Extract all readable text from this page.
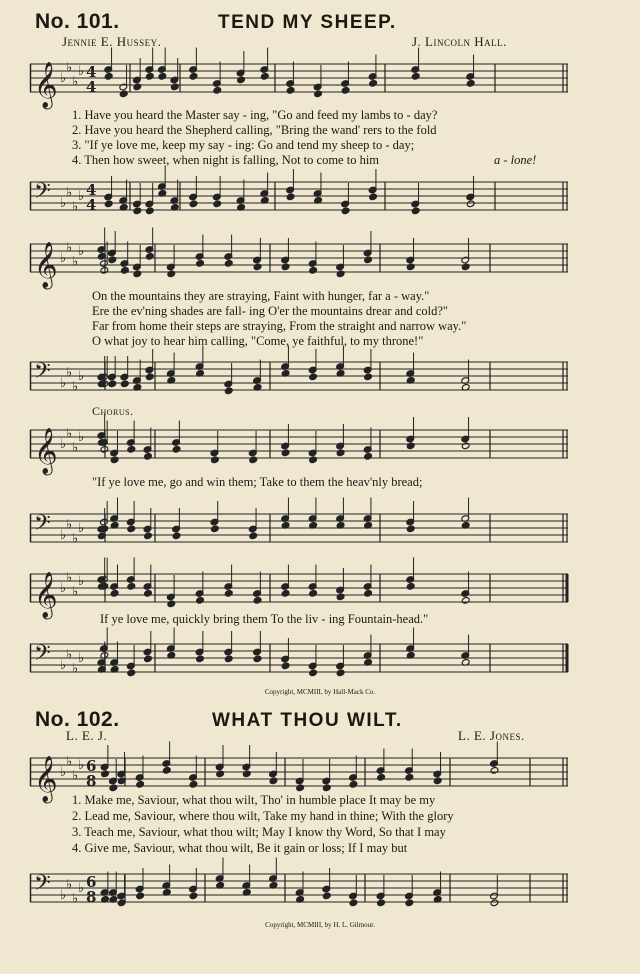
No. 101.	TEND MY SHEEP.
Jennie E. Hussey.	J. Lincoln Hall.
𝄞 ♭
♭
♭
♭ 4
4
1. Have you heard the Master say - ing, "Go and feed my lambs to - day?
2. Have you heard the Shepherd calling, "Bring the wand' rers to the fold
3. "If ye love me, keep my say - ing: Go and tend my sheep to - day;
4. Then how sweet, when night is falling, Not to come to him	a - lone!
𝄢 ♭
♭
♭
♭ 4
4
𝄞 ♭
♭
♭
♭
On the mountains they are straying, Faint with hunger, far a - way."
Ere the ev'ning shades are fall- ing O'er the mountains drear and cold?"
Far from home their steps are straying, From the straight and narrow way."
O what joy to hear him calling, "Come, ye faithful, to my throne!"
𝄢 ♭
♭
♭
♭
Chorus.
𝄞 ♭
♭
♭
♭
"If ye love me, go and win them; Take to them the heav'nly bread;
𝄢 ♭
♭
♭
♭
𝄞 ♭
♭
♭
♭
If ye love me, quickly bring them To the liv - ing Fountain-head."
𝄢 ♭
♭
♭
♭
Copyright, MCMIII, by Hall-Mack Co.
No. 102.	WHAT THOU WILT.
L. E. J.	L. E. Jones.
𝄞 ♭
♭
♭
♭ 6
8
1. Make me, Saviour, what thou wilt, Tho' in humble place It may be my
2. Lead me, Saviour, where thou wilt, Take my hand in thine; With the glory
3. Teach me, Saviour, what thou wilt; May I know thy Word, So that I may
4. Give me, Saviour, what thou wilt, Be it gain or loss; If I may but
𝄢 ♭
♭
♭
♭ 6
8
Copyright, MCMIII, by H. L. Gilmour.
